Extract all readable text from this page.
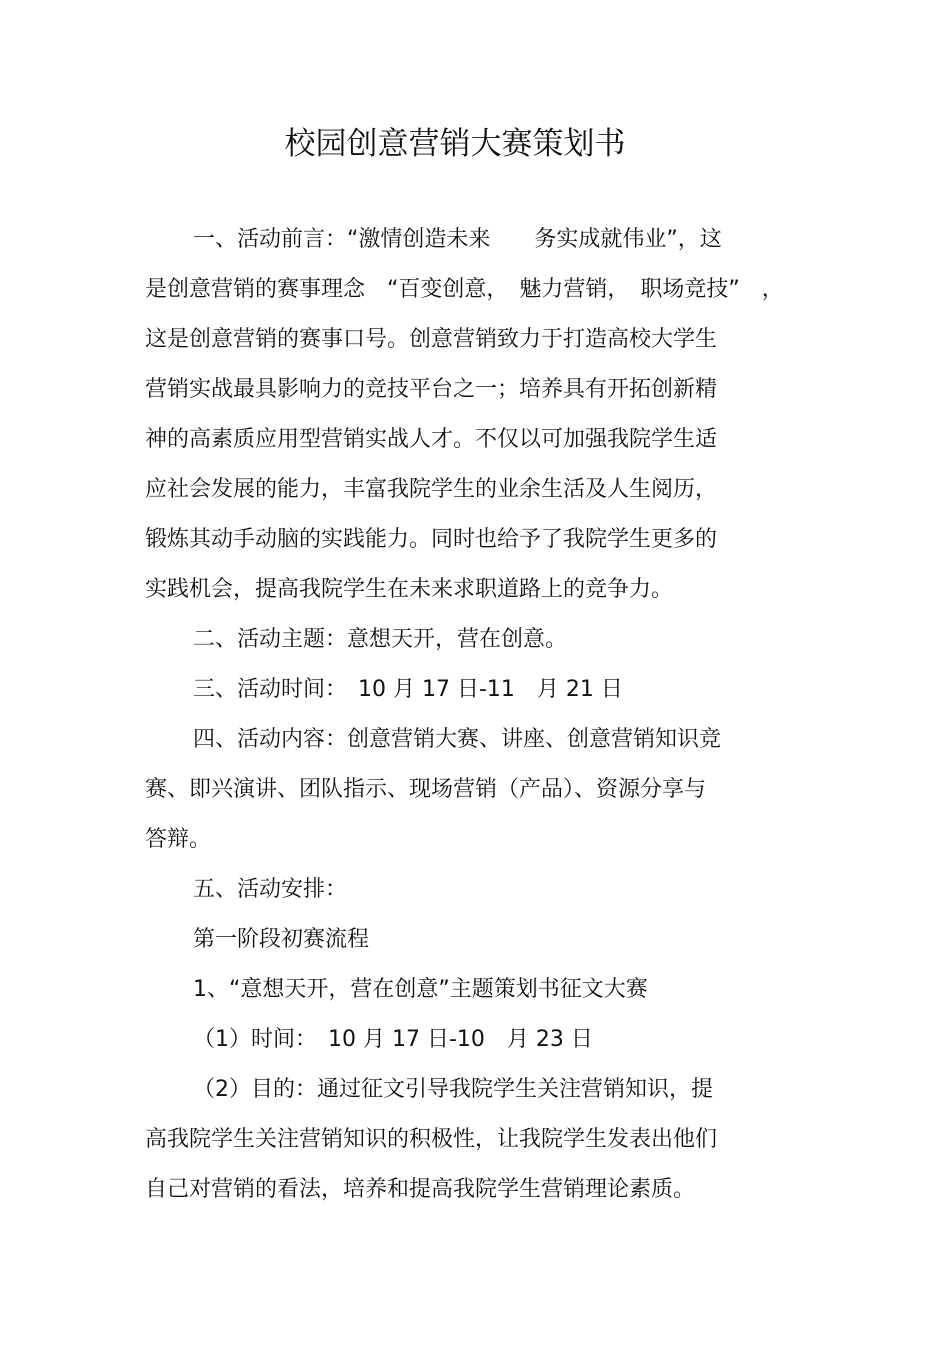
校园创意营销大赛策划书
一、活动前言：“激情创造未来　　务实成就伟业”，这
是创意营销的赛事理念　“百变创意，　魅力营销，　职场竞技”　，
这是创意营销的赛事口号。创意营销致力于打造高校大学生
营销实战最具影响力的竞技平台之一；培养具有开拓创新精
神的高素质应用型营销实战人才。不仅以可加强我院学生适
应社会发展的能力，丰富我院学生的业余生活及人生阅历，
锻炼其动手动脑的实践能力。同时也给予了我院学生更多的
实践机会，提高我院学生在未来求职道路上的竞争力。
二、活动主题：意想天开，营在创意。
三、活动时间：　10 月 17 日-11　月 21 日
四、活动内容：创意营销大赛、讲座、创意营销知识竞
赛、即兴演讲、团队指示、现场营销（产品）、资源分享与
答辩。
五、活动安排：
第一阶段初赛流程
1、“意想天开，营在创意”主题策划书征文大赛
（1）时间：　10 月 17 日-10　月 23 日
（2）目的：通过征文引导我院学生关注营销知识，提
高我院学生关注营销知识的积极性，让我院学生发表出他们
自己对营销的看法，培养和提高我院学生营销理论素质。
